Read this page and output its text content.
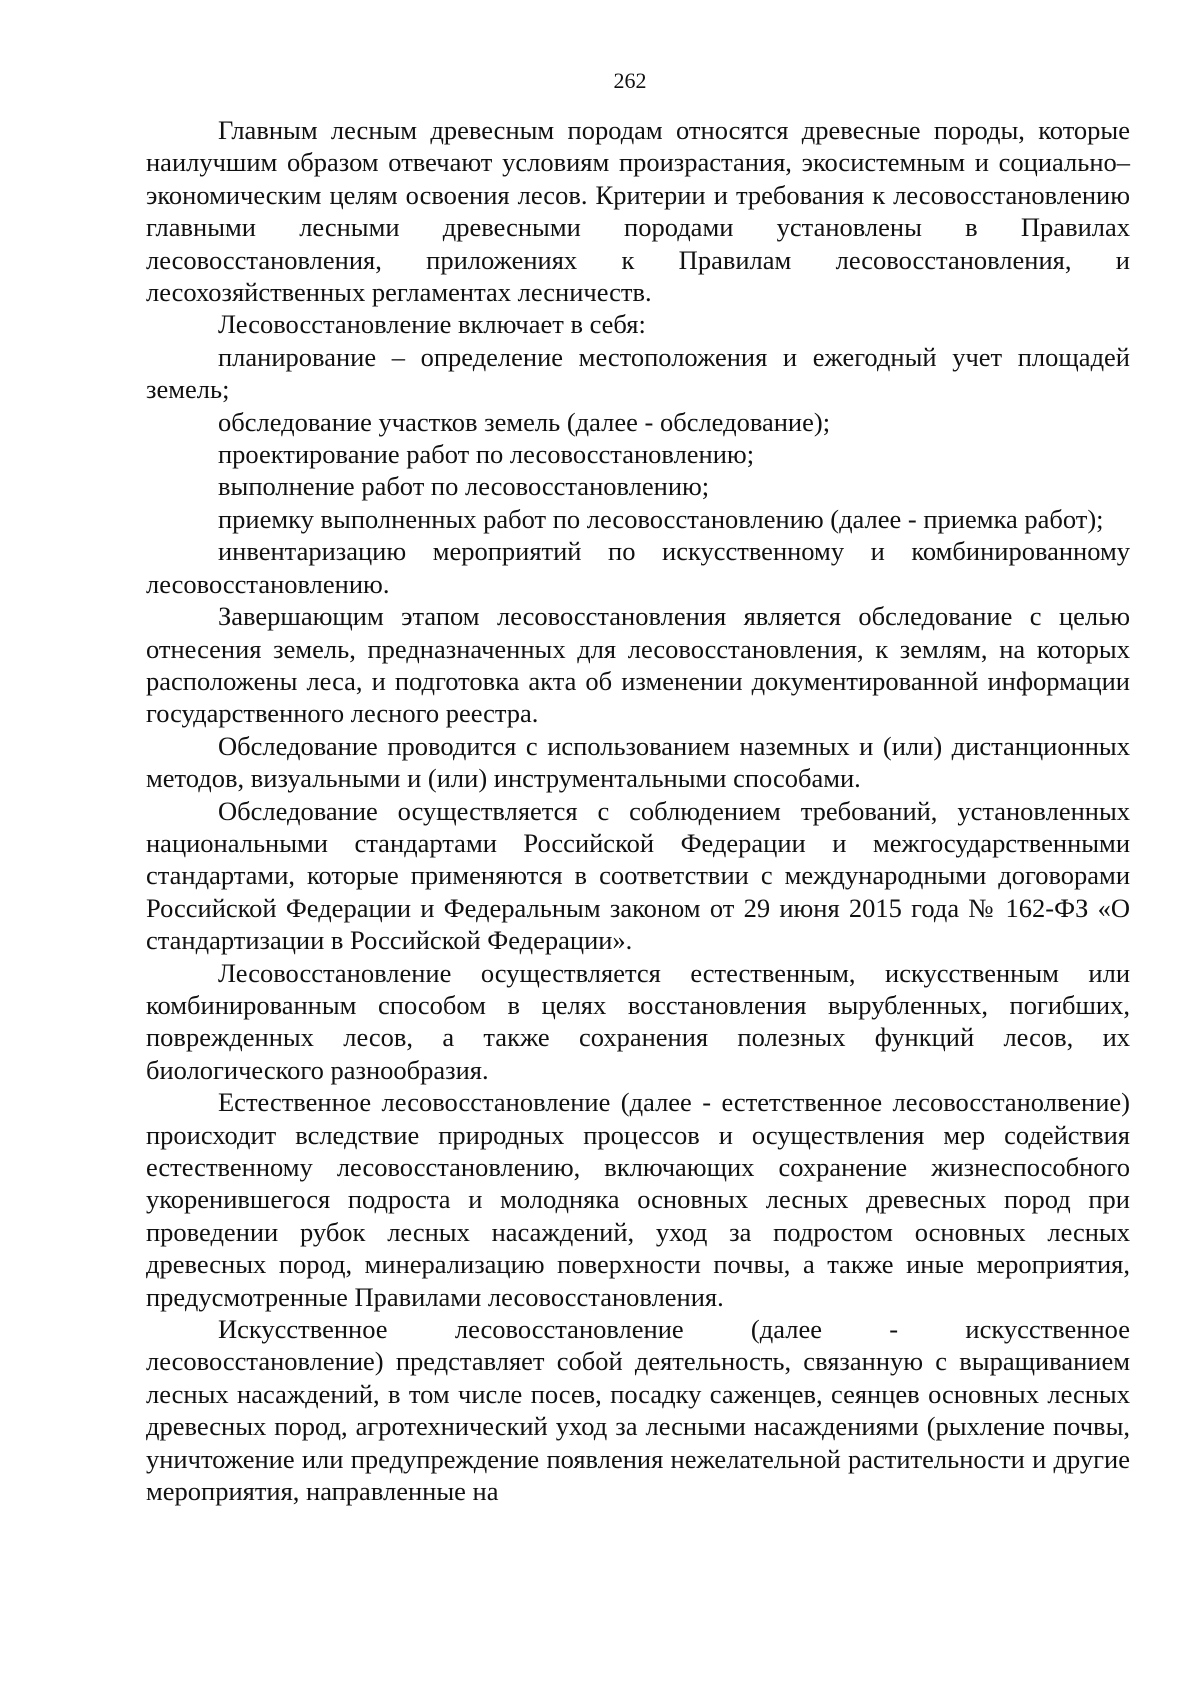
262

Главным лесным древесным породам относятся древесные породы, которые наилучшим образом отвечают условиям произрастания, экосистемным и социально–экономическим целям освоения лесов. Критерии и требования к лесовосстановлению главными лесными древесными породами установлены в Правилах лесовосстановления, приложениях к Правилам лесовосстановления, и лесохозяйственных регламентах лесничеств.

Лесовосстановление включает в себя:

планирование – определение местоположения и ежегодный учет площадей земель;

обследование участков земель (далее - обследование);

проектирование работ по лесовосстановлению;

выполнение работ по лесовосстановлению;

приемку выполненных работ по лесовосстановлению (далее - приемка работ);

инвентаризацию мероприятий по искусственному и комбинированному лесовосстановлению.

Завершающим этапом лесовосстановления является обследование с целью отнесения земель, предназначенных для лесовосстановления, к землям, на которых расположены леса, и подготовка акта об изменении документированной информации государственного лесного реестра.

Обследование проводится с использованием наземных и (или) дистанционных методов, визуальными и (или) инструментальными способами.

Обследование осуществляется с соблюдением требований, установленных национальными стандартами Российской Федерации и межгосударственными стандартами, которые применяются в соответствии с международными договорами Российской Федерации и Федеральным законом от 29 июня 2015 года № 162-ФЗ «О стандартизации в Российской Федерации».

Лесовосстановление осуществляется естественным, искусственным или комбинированным способом в целях восстановления вырубленных, погибших, поврежденных лесов, а также сохранения полезных функций лесов, их биологического разнообразия.

Естественное лесовосстановление (далее - естетственное лесовосстанолвение) происходит вследствие природных процессов и осуществления мер содействия естественному лесовосстановлению, включающих сохранение жизнеспособного укоренившегося подроста и молодняка основных лесных древесных пород при проведении рубок лесных насаждений, уход за подростом основных лесных древесных пород, минерализацию поверхности почвы, а также иные мероприятия, предусмотренные Правилами лесовосстановления.

Искусственное лесовосстановление (далее - искусственное лесовосстановление) представляет собой деятельность, связанную с выращиванием лесных насаждений, в том числе посев, посадку саженцев, сеянцев основных лесных древесных пород, агротехнический уход за лесными насаждениями (рыхление почвы, уничтожение или предупреждение появления нежелательной растительности и другие мероприятия, направленные на
